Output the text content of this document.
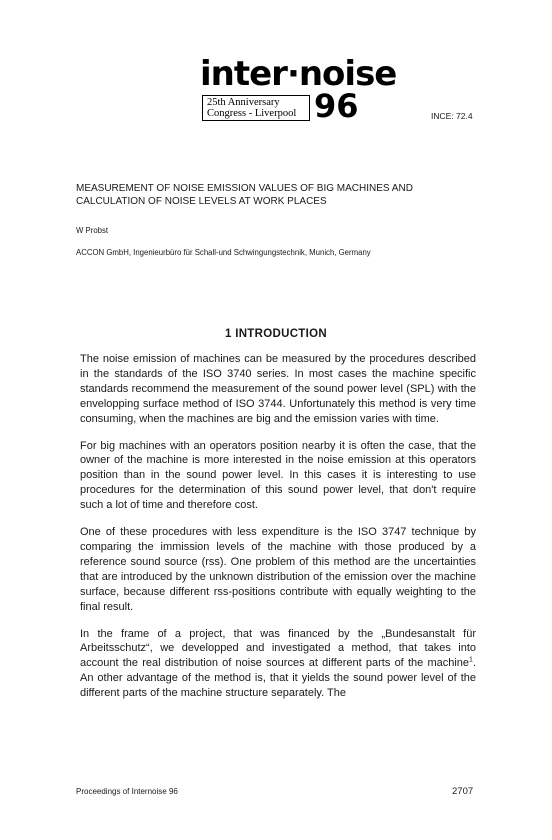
inter·noise
25th Anniversary
Congress - Liverpool 96	INCE: 72.4
MEASUREMENT OF NOISE EMISSION VALUES OF BIG MACHINES AND
CALCULATION OF NOISE LEVELS AT WORK PLACES
W Probst
ACCON GmbH, Ingenieurbüro für Schall-und Schwingungstechnik, Munich, Germany
1 INTRODUCTION

The noise emission of machines can be measured by the procedures described in the standards of the ISO 3740 series. In most cases the machine specific standards recommend the measurement of the sound power level (SPL) with the envelopping surface method of ISO 3744. Unfortunately this method is very time consuming, when the machines are big and the emission varies with time.

For big machines with an operators position nearby it is often the case, that the owner of the machine is more interested in the noise emission at this operators position than in the sound power level. In this cases it is interesting to use procedures for the determination of this sound power level, that don't require such a lot of time and therefore cost.

One of these procedures with less expenditure is the ISO 3747 technique by comparing the immission levels of the machine with those produced by a reference sound source (rss). One problem of this method are the uncertainties that are introduced by the unknown distribution of the emission over the machine surface, because different rss-positions contribute with equally weighting to the final result.

In the frame of a project, that was financed by the „Bundesanstalt für Arbeitsschutz“, we developped and investigated a method, that takes into account the real distribution of noise sources at different parts of the machine$^1$. An other advantage of the method is, that it yields the sound power level of the different parts of the machine structure separately. The

Proceedings of Internoise 96	2707
